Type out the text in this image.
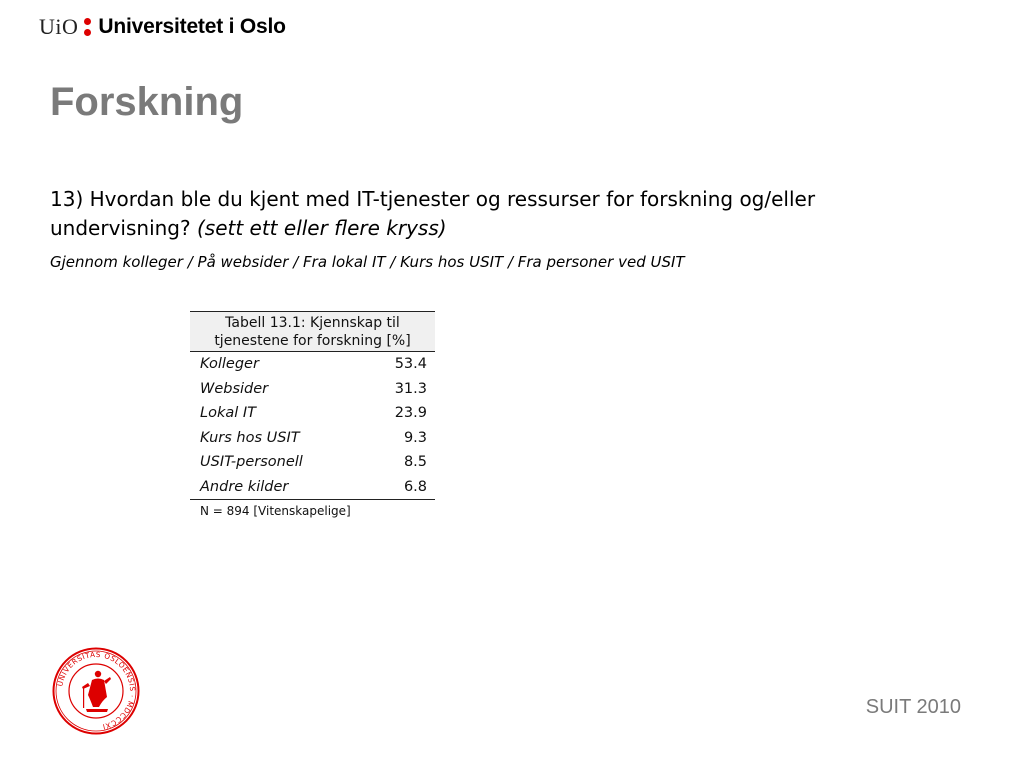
UiO Universitetet i Oslo
Forskning

13) Hvordan ble du kjent med IT-tjenester og ressurser for forskning og/eller undervisning? (sett ett eller flere kryss)

Gjennom kolleger / På websider / Fra lokal IT / Kurs hos USIT / Fra personer ved USIT

Tabell 13.1: Kjennskap til
tjenestene for forskning [%]
Kolleger	53.4
Websider	31.3
Lokal IT	23.9
Kurs hos USIT	9.3
USIT-personell	8.5
Andre kilder	6.8
N = 894 [Vitenskapelige]
UNIVERSITAS OSLOENSIS · MDCCCXI
SUIT 2010
